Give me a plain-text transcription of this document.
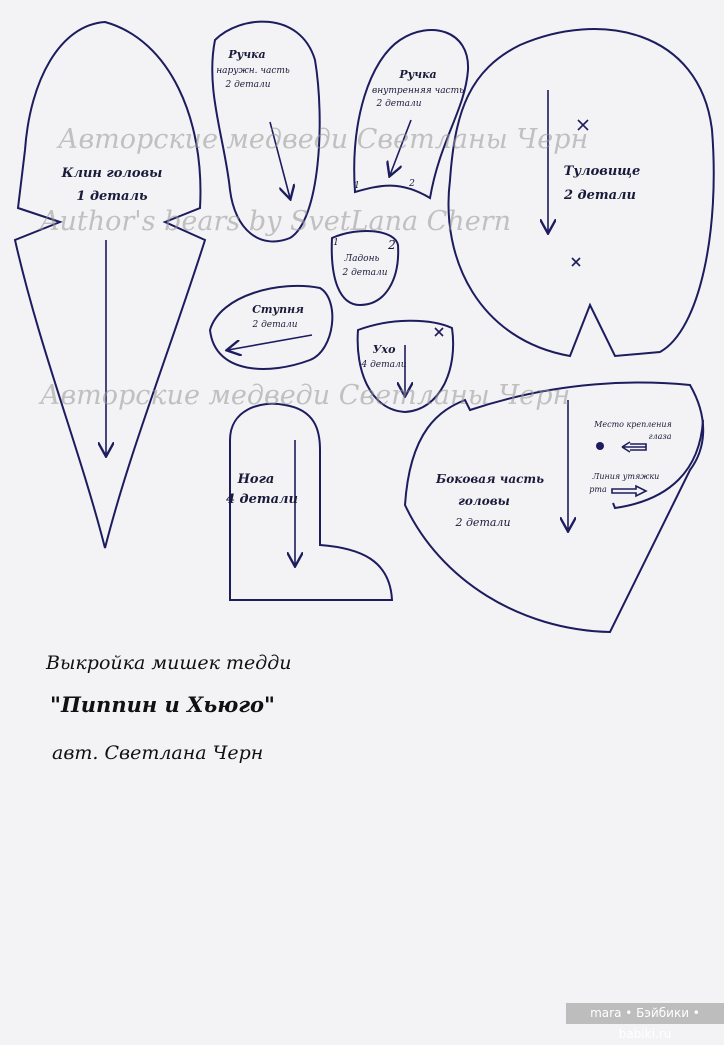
Авторские медведи Светланы Черн
Author's bears by SvetLana Chern
Авторские медведи Светланы Черн
Клин головы
1 деталь
Ручка
наружн. часть
2 детали
Ручка
внутренняя часть
2 детали
1	2
1	2
Ладонь
2 детали
Туловище
2 детали
Ступня
2 детали
Ухо
4 детали
Нога
4 детали
Боковая часть
головы
2 детали
Место крепления
глаза
Линия утяжки
рта
Выкройка мишек тедди
"Пиппин и Хьюго"
авт. Светлана Черн
mara • Бэйбики • babiki.ru
